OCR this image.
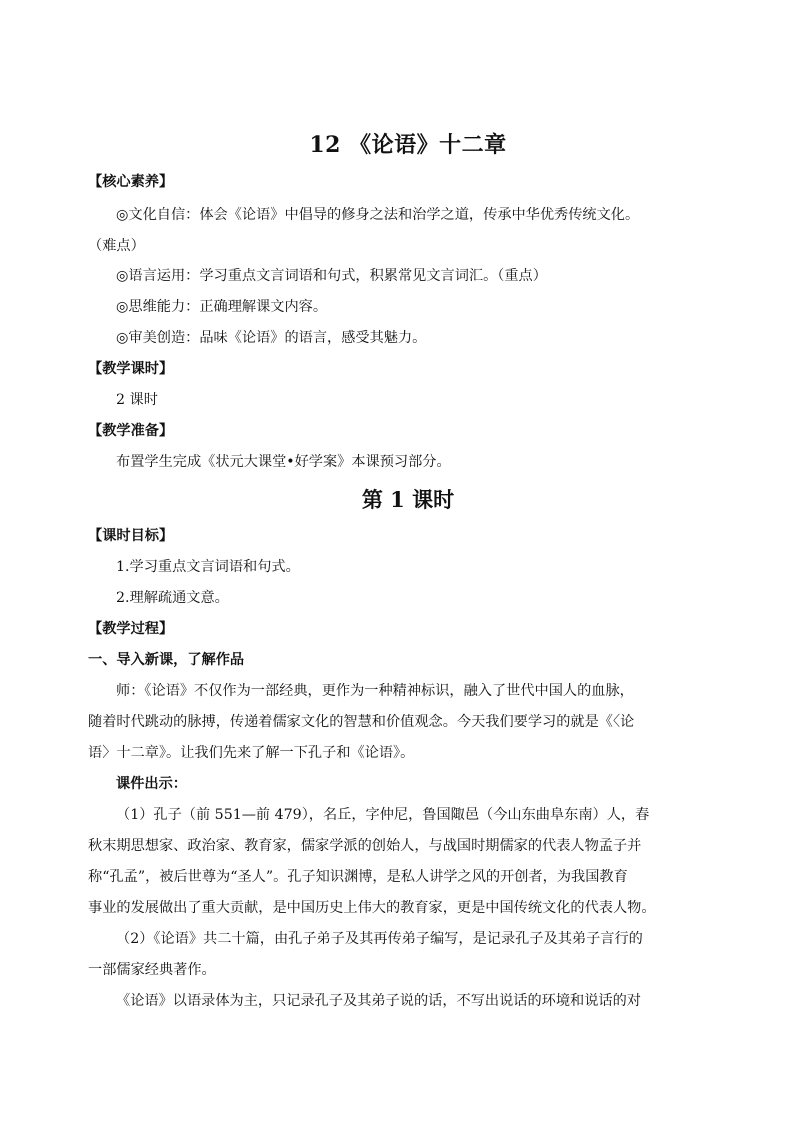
12 《论语》十二章
【核心素养】
◎文化自信：体会《论语》中倡导的修身之法和治学之道，传承中华优秀传统文化。
（难点）
◎语言运用：学习重点文言词语和句式，积累常见文言词汇。（重点）
◎思维能力：正确理解课文内容。
◎审美创造：品味《论语》的语言，感受其魅力。
【教学课时】
2 课时
【教学准备】
布置学生完成《状元大课堂•好学案》本课预习部分。
第 1 课时
【课时目标】
1.学习重点文言词语和句式。
2.理解疏通文意。
【教学过程】
一、导入新课，了解作品
师：《论语》不仅作为一部经典，更作为一种精神标识，融入了世代中国人的血脉，
随着时代跳动的脉搏，传递着儒家文化的智慧和价值观念。今天我们要学习的就是《〈论
语〉十二章》。让我们先来了解一下孔子和《论语》。
课件出示：
（1）孔子（前 551—前 479），名丘，字仲尼，鲁国陬邑（今山东曲阜东南）人，春
秋末期思想家、政治家、教育家，儒家学派的创始人，与战国时期儒家的代表人物孟子并
称“孔孟”，被后世尊为“圣人”。孔子知识渊博，是私人讲学之风的开创者，为我国教育
事业的发展做出了重大贡献，是中国历史上伟大的教育家，更是中国传统文化的代表人物。
（2）《论语》共二十篇，由孔子弟子及其再传弟子编写，是记录孔子及其弟子言行的
一部儒家经典著作。
《论语》以语录体为主，只记录孔子及其弟子说的话，不写出说话的环境和说话的对
